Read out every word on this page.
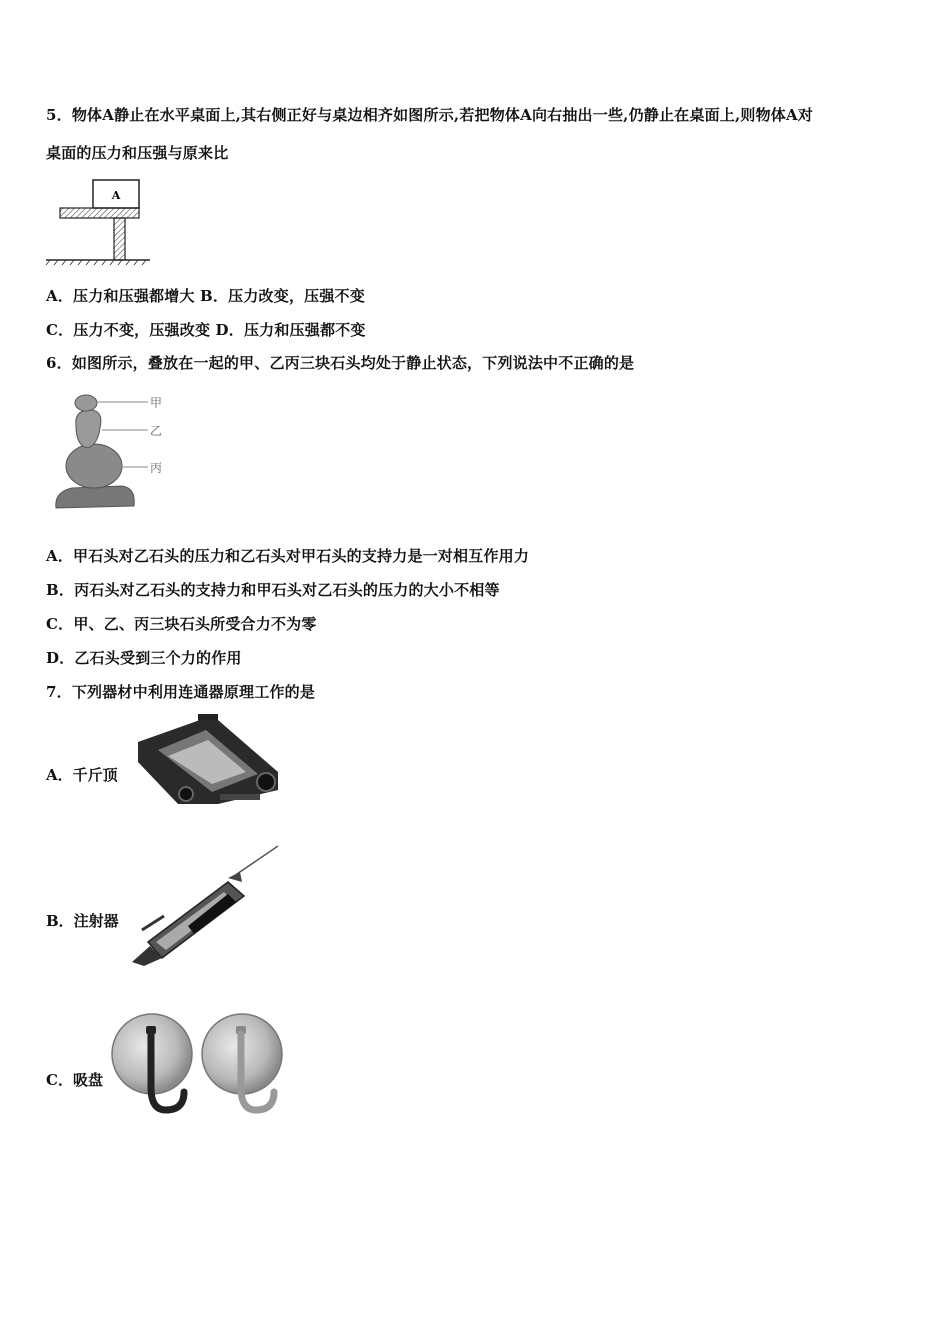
5．物体A静止在水平桌面上,其右侧正好与桌边相齐如图所示,若把物体A向右抽出一些,仍静止在桌面上,则物体A对
桌面的压力和压强与原来比
A
A．压力和压强都增大 B．压力改变，压强不变
C．压力不变，压强改变 D．压力和压强都不变
6．如图所示，叠放在一起的甲、乙丙三块石头均处于静止状态，下列说法中不正确的是
甲
乙
丙
A．甲石头对乙石头的压力和乙石头对甲石头的支持力是一对相互作用力
B．丙石头对乙石头的支持力和甲石头对乙石头的压力的大小不相等
C．甲、乙、丙三块石头所受合力不为零
D．乙石头受到三个力的作用
7．下列器材中利用连通器原理工作的是
A．千斤顶
B．注射器
C．吸盘
